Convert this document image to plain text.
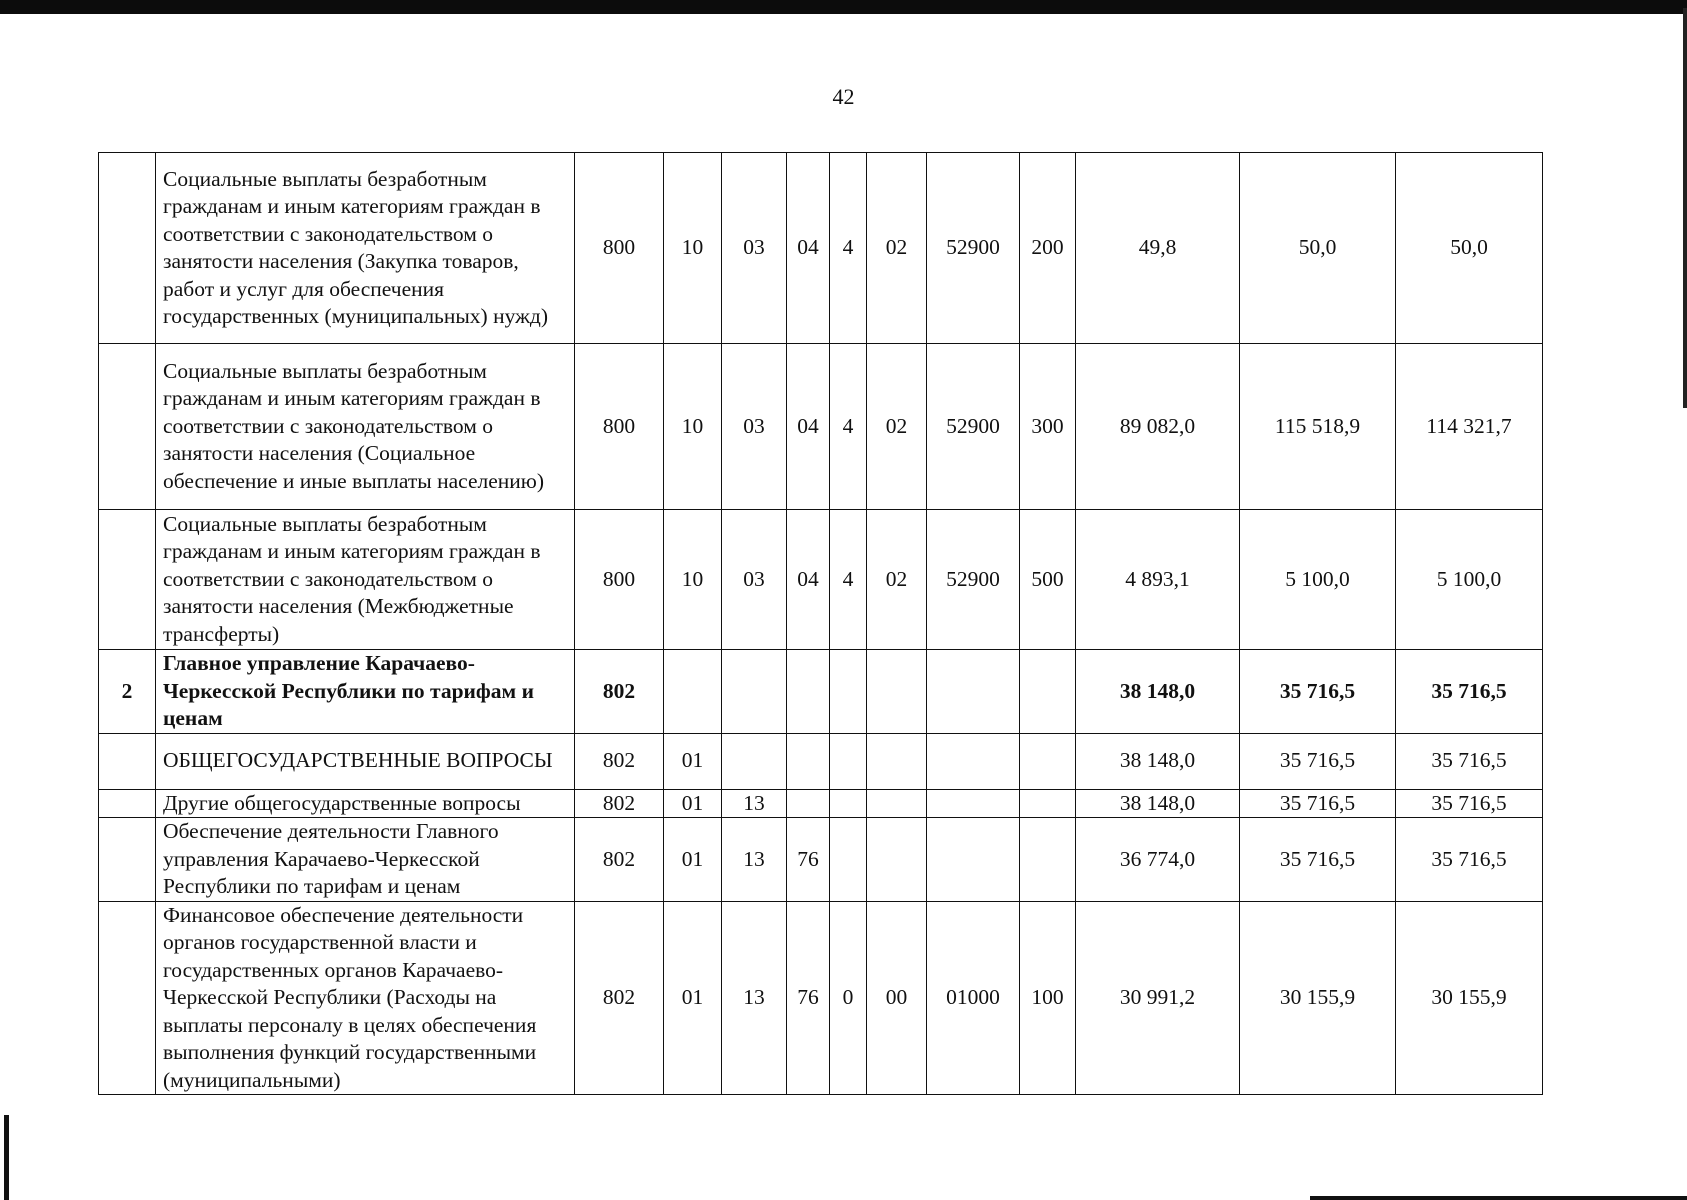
42
	Социальные выплаты безработным гражданам и иным категориям граждан в соответствии с законодательством о занятости населения (Закупка товаров, работ и услуг для обеспечения государственных (муниципальных) нужд)	800	10	03	04	4	02	52900	200	49,8	50,0	50,0
	Социальные выплаты безработным гражданам и иным категориям граждан в соответствии с законодательством о занятости населения (Социальное обеспечение и иные выплаты населению)	800	10	03	04	4	02	52900	300	89 082,0	115 518,9	114 321,7
	Социальные выплаты безработным гражданам и иным категориям граждан в соответствии с законодательством о занятости населения (Межбюджетные трансферты)	800	10	03	04	4	02	52900	500	4 893,1	5 100,0	5 100,0
2	Главное управление Карачаево-Черкесской Республики по тарифам и ценам	802								38 148,0	35 716,5	35 716,5
	ОБЩЕГОСУДАРСТВЕННЫЕ ВОПРОСЫ	802	01							38 148,0	35 716,5	35 716,5
	Другие общегосударственные вопросы	802	01	13						38 148,0	35 716,5	35 716,5
	Обеспечение деятельности Главного управления Карачаево-Черкесской Республики по тарифам и ценам	802	01	13	76					36 774,0	35 716,5	35 716,5
	Финансовое обеспечение деятельности органов государственной власти и государственных органов Карачаево-Черкесской Республики (Расходы на выплаты персоналу в целях обеспечения выполнения функций государственными (муниципальными)	802	01	13	76	0	00	01000	100	30 991,2	30 155,9	30 155,9
